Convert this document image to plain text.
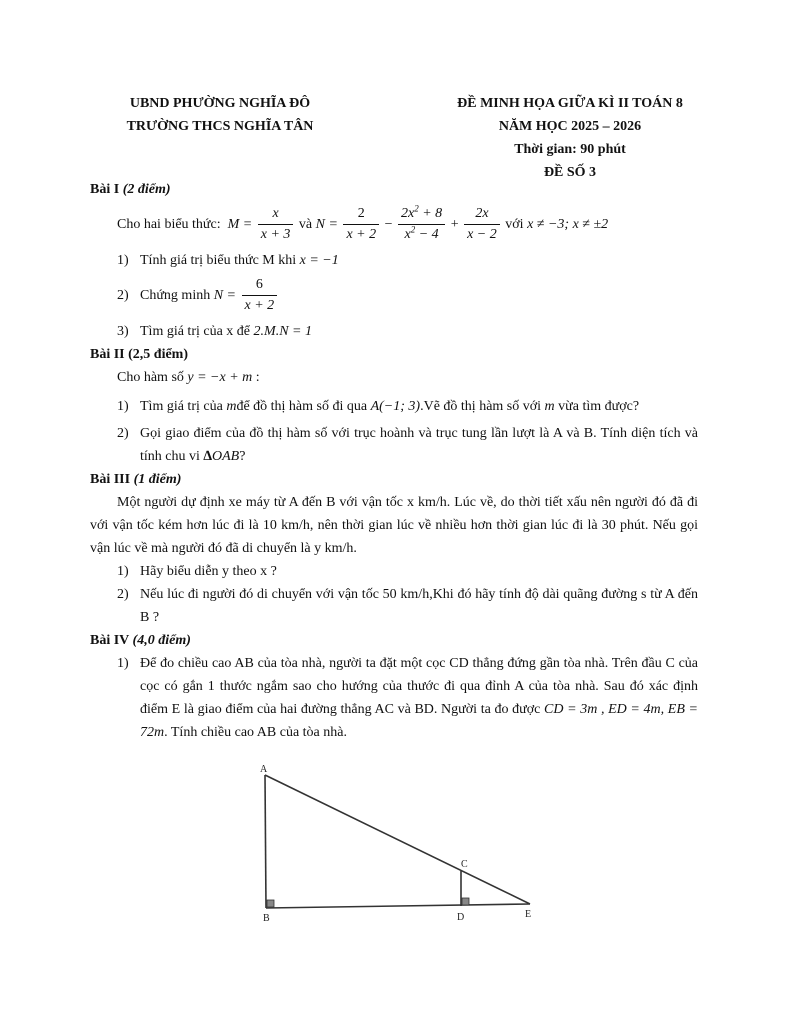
UBND PHƯỜNG NGHĨA ĐÔ
TRƯỜNG THCS NGHĨA TÂN
ĐỀ MINH HỌA GIỮA KÌ II TOÁN 8
NĂM HỌC 2025 – 2026
Thời gian: 90 phút
ĐỀ SỐ 3
Bài I (2 điểm)
Cho hai biểu thức:  $M = \frac{x}{x + 3}$ và $N = \frac{2}{x + 2} - \frac{2x^2 + 8}{x^2 - 4} + \frac{2x}{x - 2}$ với x ≠ −3; x ≠ ±2
1) Tính giá trị biểu thức M khi x = −1
2) Chứng minh $N = \frac{6}{x + 2}$
3) Tìm giá trị của x để 2.M.N = 1
Bài II (2,5 điểm)
Cho hàm số y = −x + m :
1) Tìm giá trị của mđể đồ thị hàm số đi qua A(−1; 3).Vẽ đồ thị hàm số với m vừa tìm được?
2) Gọi giao điểm của đồ thị hàm số với trục hoành và trục tung lần lượt là A và B. Tính diện tích và tính chu vi ∆OAB?
Bài III (1 điểm)
Một người dự định xe máy từ A đến B với vận tốc x km/h. Lúc về, do thời tiết xấu nên người đó đã đi với vận tốc kém hơn lúc đi là 10 km/h, nên thời gian lúc về nhiều hơn thời gian lúc đi là 30 phút. Nếu gọi vận lúc về mà người đó đã di chuyển là y km/h.
1) Hãy biểu diễn y theo x ?
2) Nếu lúc đi người đó di chuyển với vận tốc 50 km/h,Khi đó hãy tính độ dài quãng đường s từ A đến B ?
Bài IV (4,0 điểm)
1) Để đo chiều cao AB của tòa nhà, người ta đặt một cọc CD thẳng đứng gần tòa nhà. Trên đầu C của cọc có gắn 1 thước ngắm sao cho hướng của thước đi qua đỉnh A của tòa nhà. Sau đó xác định điểm E là giao điểm của hai đường thẳng AC và BD. Người ta đo được CD = 3m , ED = 4m, EB = 72m. Tính chiều cao AB của tòa nhà.
A
B
C
D	E
